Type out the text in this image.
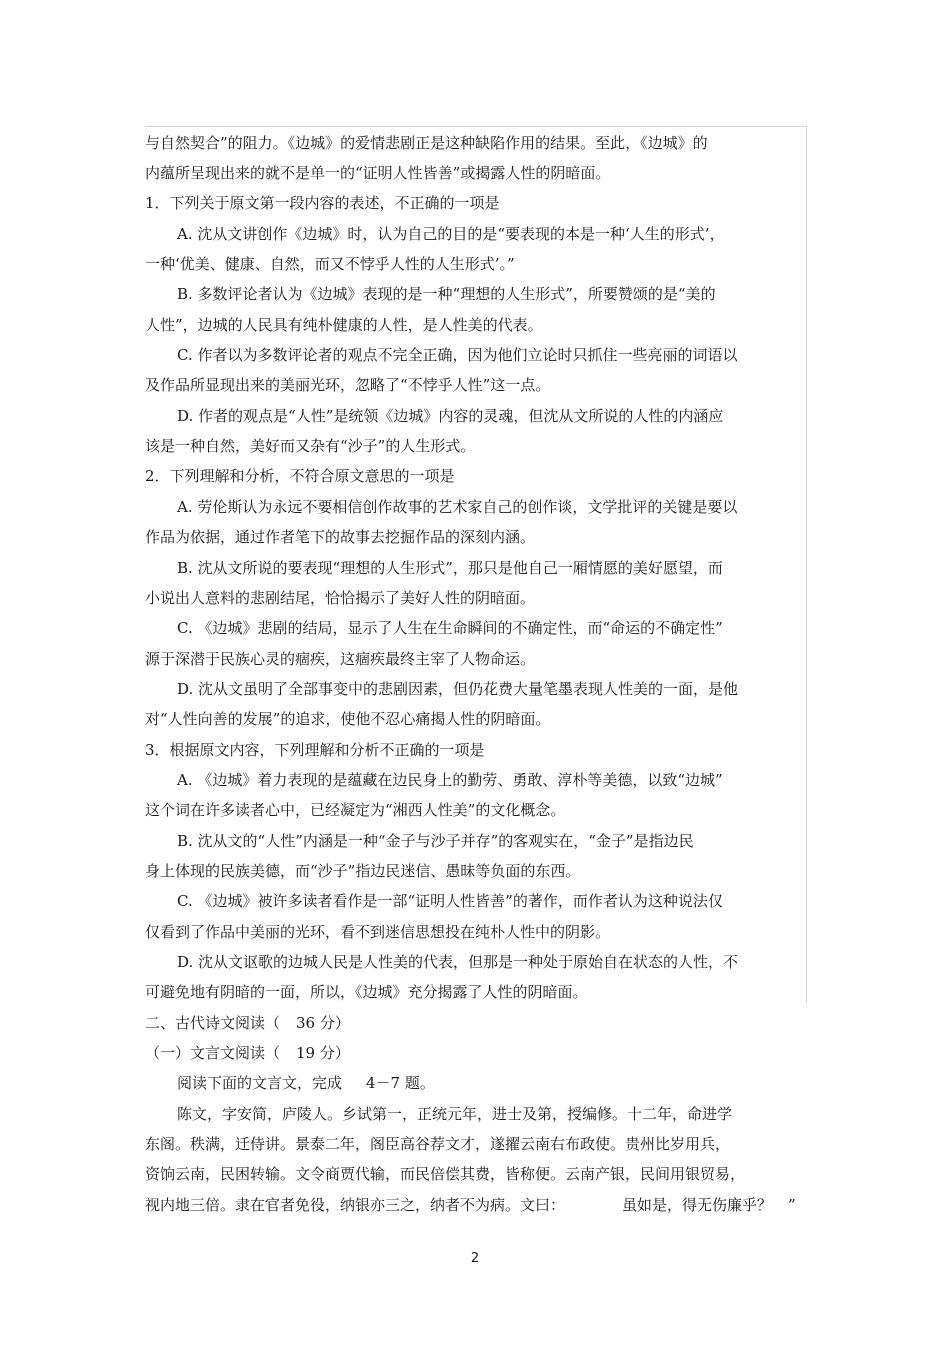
与自然契合”的阻力。《边城》的爱情悲剧正是这种缺陷作用的结果。至此，《边城》的
内蕴所呈现出来的就不是单一的“证明人性皆善”或揭露人性的阴暗面。
1．下列关于原文第一段内容的表述，不正确的一项是
A. 沈从文讲创作《边城》时，认为自己的目的是“要表现的本是一种‘人生的形式’，
一种‘优美、健康、自然，而又不悖乎人性的人生形式’。”
B. 多数评论者认为《边城》表现的是一种“理想的人生形式”，所要赞颂的是“美的
人性”，边城的人民具有纯朴健康的人性，是人性美的代表。
C. 作者以为多数评论者的观点不完全正确，因为他们立论时只抓住一些亮丽的词语以
及作品所显现出来的美丽光环，忽略了“不悖乎人性”这一点。
D. 作者的观点是“人性”是统领《边城》内容的灵魂，但沈从文所说的人性的内涵应
该是一种自然，美好而又杂有“沙子”的人生形式。
2．下列理解和分析，不符合原文意思的一项是
A. 劳伦斯认为永远不要相信创作故事的艺术家自己的创作谈，文学批评的关键是要以
作品为依据，通过作者笔下的故事去挖掘作品的深刻内涵。
B. 沈从文所说的要表现“理想的人生形式”，那只是他自己一厢情愿的美好愿望，而
小说出人意料的悲剧结尾，恰恰揭示了美好人性的阴暗面。
C. 《边城》悲剧的结局，显示了人生在生命瞬间的不确定性，而“命运的不确定性”
源于深潜于民族心灵的痼疾，这痼疾最终主宰了人物命运。
D. 沈从文虽明了全部事变中的悲剧因素，但仍花费大量笔墨表现人性美的一面，是他
对“人性向善的发展”的追求，使他不忍心痛揭人性的阴暗面。
3．根据原文内容，下列理解和分析不正确的一项是
A. 《边城》着力表现的是蕴藏在边民身上的勤劳、勇敢、淳朴等美德，以致“边城”
这个词在许多读者心中，已经凝定为“湘西人性美”的文化概念。
B. 沈从文的“人性”内涵是一种“金子与沙子并存”的客观实在，“金子”是指边民
身上体现的民族美德，而“沙子”指边民迷信、愚昧等负面的东西。
C. 《边城》被许多读者看作是一部“证明人性皆善”的著作，而作者认为这种说法仅
仅看到了作品中美丽的光环，看不到迷信思想投在纯朴人性中的阴影。
D. 沈从文讴歌的边城人民是人性美的代表，但那是一种处于原始自在状态的人性，不
可避免地有阴暗的一面，所以，《边城》充分揭露了人性的阴暗面。

二、古代诗文阅读（

36 分）

（一）文言文阅读（

19 分）

阅读下面的文言文，完成

4－7 题。

陈文，字安简，庐陵人。乡试第一，正统元年，进士及第，授编修。十二年，命进学
东阁。秩满，迁侍讲。景泰二年，阁臣高谷荐文才，遂擢云南右布政使。贵州比岁用兵，
资饷云南，民困转输。文令商贾代输，而民倍偿其费，皆称便。云南产银，民间用银贸易，

视内地三倍。隶在官者免役，纳银亦三之，纳者不为病。文曰：

	虽如是，得无伤廉乎？

”

2
